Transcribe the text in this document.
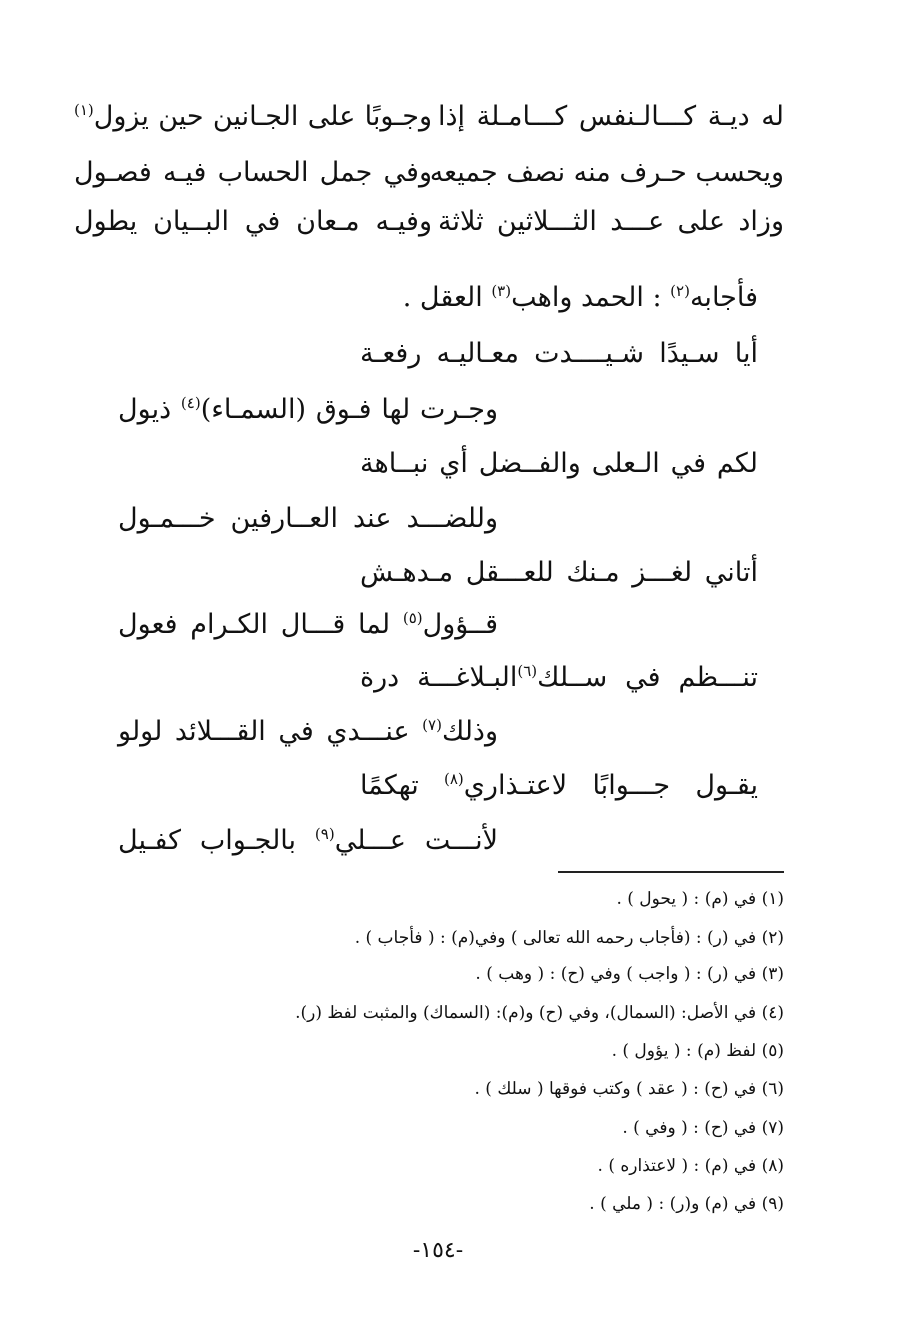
له ديـة كـــالـنفس كـــامـلة إذا
وجـوبًا على الجـانين حين يزول$^{(١)}$
ويحسب حـرف منه نصف جميعه
وفي جمل الحساب فيـه فصـول
وزاد على عـــد الثـــلاثين ثلاثة
وفيـه مـعان في البــيان يطول
فأجابه$^{(٢)}$ : الحمد واهب$^{(٣)}$ العقل .
أيا سـيدًا شـيــــدت معـاليـه رفعـة
وجـرت لها فـوق (السمـاء)$^{(٤)}$ ذيول
لكم في الـعلى والفــضل أي نبــاهة
وللضـــد عند العــارفين خـــمـول
أتاني لغـــز مـنك للعـــقل مـدهـش
قــؤول$^{(٥)}$ لما قـــال الكـرام فعول
تنـــظم في ســلك$^{(٦)}$البـلاغـــة درة
وذلك$^{(٧)}$ عنـــدي في القـــلائد لولو
يقـول جـــوابًا لاعتـذاري$^{(٨)}$ تهكمًا
لأنـــت عـــلي$^{(٩)}$ بالجـواب كفـيل
(١) في (م) : ( يحول ) .
(٢) في (ر) : (فأجاب رحمه الله تعالى ) وفي(م) : ( فأجاب ) .
(٣) في (ر) : ( واجب ) وفي (ح) : ( وهب ) .
(٤) في الأصل: (السمال)، وفي (ح) و(م): (السماك) والمثبت لفظ (ر).
(٥) لفظ (م) : ( يؤول ) .
(٦) في (ح) : ( عقد ) وكتب فوقها ( سلك ) .
(٧) في (ح) : ( وفي ) .
(٨) في (م) : ( لاعتذاره ) .
(٩) في (م) و(ر) : ( ملي ) .
-١٥٤-
